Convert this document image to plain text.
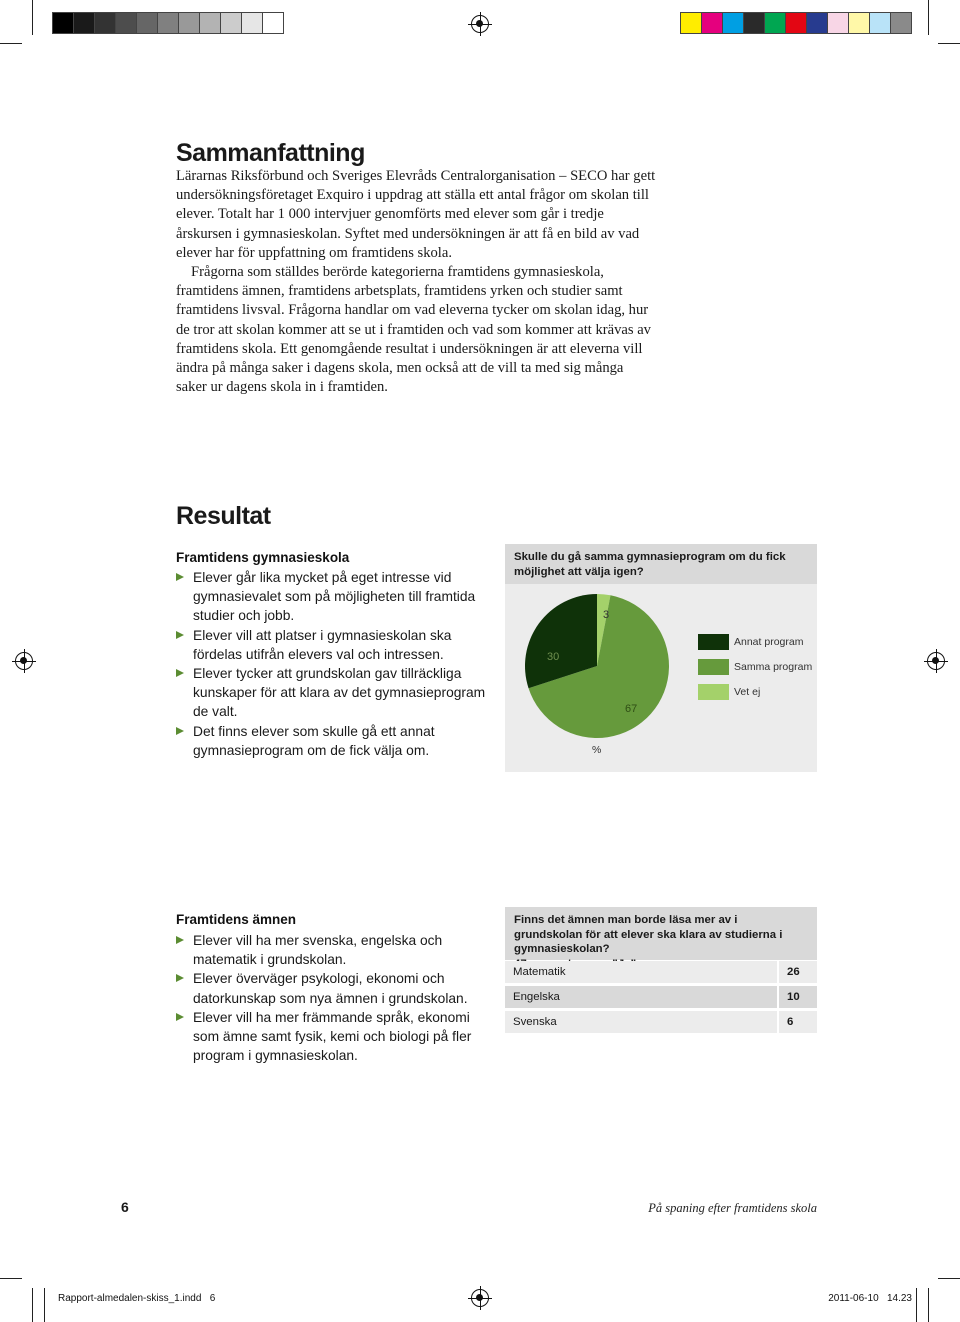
Sammanfattning

Lärarnas Riksförbund och Sveriges Elevråds Centralorganisation – SECO har gett undersökningsföretaget Exquiro i uppdrag att ställa ett antal frågor om skolan till elever. Totalt har 1 000 intervjuer genomförts med elever som går i tredje årskursen i gymnasieskolan. Syftet med undersökningen är att få en bild av vad elever har för uppfattning om framtidens skola.

Frågorna som ställdes berörde kategorierna framtidens gymnasieskola, framtidens ämnen, framtidens arbetsplats, framtidens yrken och studier samt framtidens livsval. Frågorna handlar om vad eleverna tycker om skolan idag, hur de tror att skolan kommer att se ut i framtiden och vad som kommer att krävas av framtidens skola. Ett genomgående resultat i undersökningen är att eleverna vill ändra på många saker i dagens skola, men också att de vill ta med sig många saker ur dagens skola in i framtiden.

Resultat
Framtidens gymnasieskola
Elever går lika mycket på eget intresse vid gymnasievalet som på möjligheten till framtida studier och jobb.
Elever vill att platser i gymnasieskolan ska fördelas utifrån elevers val och intressen.
Elever tycker att grundskolan gav tillräckliga kunskaper för att klara av det gymnasieprogram de valt.
Det finns elever som skulle gå ett annat gymnasieprogram om de fick välja om.
Skulle du gå samma gymnasieprogram om du fick möjlighet att välja igen?
30
67
3
%
Annat program
Samma program
Vet ej
Framtidens ämnen
Elever vill ha mer svenska, engelska och matematik i grundskolan.
Elever överväger psykologi, ekonomi och datorkunskap som nya ämnen i grundskolan.
Elever vill ha mer främmande språk, ekonomi som ämne samt fysik, kemi och biologi på fler program i gymnasieskolan.
Finns det ämnen man borde läsa mer av i grundskolan för att elever ska klara av studierna i gymnasieskolan?
Matematik	26
Engelska	10
Svenska	6
6	På spaning efter framtidens skola
Rapport-almedalen-skiss_1.indd   6	2011-06-10   14.23
